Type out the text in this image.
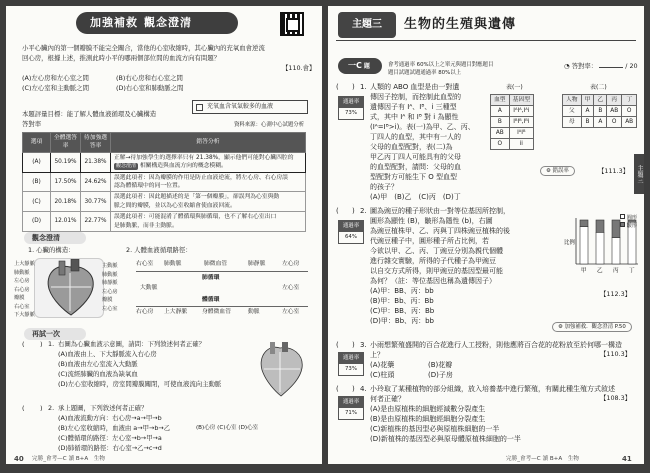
加強補救 觀念澄清
小平心臟內的第一個瓣膜不能完全關合，當他的心室收縮時，其心臟內的充氧血會逆流
回心房，根據上述，推測此時小平的哪兩個部位間的血流方向有問題？
【110.會】
(A)左心房和左心室之間	(B)右心房和右心室之間
(C)左心室和主動脈之間	(D)右心室和肺動脈之間
充氧血含氧氣較多的血液
本題評量目標：能了解人體血液循環及心臟構造
資料來源：心測中心試題分析
答對率
選項	全體選答率	待加強選答率	錯答分析
(A)	50.19%	21.38%	正解→待加強學生的選擇率只有 21.38%，顯示他們可能對心臟四腔的
觀念澄清 相關構造與血流方向的概念模糊。
(B)	17.50%	24.62%	誤選此項者：因為瓣膜的作用是防止血液逆流，將左心房、右心房誤
認為體循環中的同一位置。
(C)	20.18%	30.77%	誤選此項者：因此題描述的是「第一個瓣膜」，卻誤判為心室與動
脈之間的瓣膜，並以為心室收縮會使血液回流。
(D)	12.01%	22.77%	誤選此項者：可能混淆了體循環與肺循環，也不了解右心室出口
是肺動脈，而非主動脈。
觀念澄清
1. 心臟的構造：	2. 人體血液循環路徑：
上大靜脈
肺動脈
左心房
右心房
瓣膜
右心室
下大靜脈
主動脈
肺動脈
肺靜脈
左心房
瓣膜
左心室
右心室 肺動脈	肺微血管	肺靜脈	左心房
肺循環
大動脈	左心室
體循環
右心房 上大靜脈	身體微血管	動脈	左心室
再試一次
( ) 1. 右圖為心臟血液示意圖，請問：下列敘述何者正確？
(A)血液由上、下大靜脈流入右心房
(B)血液由左心室流入大動脈
(C)流經肺臟的血液為缺氧血
(D)左心室收縮時，房室間瓣膜關閉，可使血液流向主動脈
( ) 2. 承上題圖，下列敘述何者正確？
(A)血液流動方向：右心房→a→甲→b
(B)左心室收縮時，血液由 a→甲→b→乙
(C)體循環的路徑：左心室→b→甲→a
(D)肺循環的路徑：右心室→乙→c→d
(B)心房 (C)心室 (D)心室
40 完勝_會考—C 讀 B+A　生物
主題三	生物的生殖與遺傳
一C 題	會考通過率 60%以上之單元與題目對應題目
題目試題試題通過率 80%以上
◔ 答對率：	/ 20
主題三
( ) 1.
通過率
73%
人類的 ABO 血型是由一對遺
傳因子控制，而控制此血型的
遺傳因子有 Iᴬ、Iᴮ、i 三種型
式，其中 Iᴬ 和 Iᴮ 對 i 為顯性
(Iᴬ=Iᴮ>i)。表(一)為甲、乙、丙、
丁四人的血型，其中有一人的
父母的血型配對，表(二)為
甲乙丙丁四人可能具有的父母
的血型配對，請問：父母的血
型配對方可能生下 O 型血型
的孩子？
(A)甲　(B)乙　(C)丙　(D)丁
表(一)
血型	基因型
A	IᴬIᴬ,Iᴬi
B	IᴮIᴮ,Iᴮi
AB	IᴬIᴮ
O	ii
表(二)
人物	甲	乙	丙	丁
父	A	B	AB	O
母	B	A	O	AB
⚙ 錯誤率	【111.3】
( ) 2.
通過率
64%
圖為豌豆的種子形狀由一對等位基因所控制，
圓形為顯性 (B)，皺形為隱性 (b)，右圖
為豌豆植株甲、乙、丙與丁四株豌豆植株的後
代豌豆種子中，圓形種子所占比例，若
今欲以甲、乙、丙、丁豌豆分別為親代個體
進行雜交實驗，所得的子代種子為甲豌豆
以自交方式所得，則甲豌豆的基因型最可能
為何？（註：等位基因也稱為遺傳因子）
(A)甲：BB、丙：bb
(B)甲：Bb、丙：Bb
(C)甲：BB、丙：Bb
(D)甲：Bb、丙：bb
比例
甲 乙 丙 丁
圓形
皺形
【112.3】
⚙ 加強補救．觀念澄清 P.50
( ) 3.
通過率
73%
小雨想繁殖盛開的百合花進行人工授粉，則他應將百合花的花粉放至於何哪一構造
上？
(A)花藥	(B)花瓣
(C)柱頭	(D)子房
【110.3】
( ) 4.
通過率
71%
小玲取了某種植物的部分組織，放入培養基中進行繁殖，有關此種生殖方式敘述
何者正確？
(A)是由原植株的細胞經減數分裂產生
(B)是由原植株的細胞經細胞分裂產生
(C)新植株的基因型必與原植株細胞的一半
(D)新植株的基因型必與原母體原植株細胞的一半
【108.3】
完勝_會考—C 讀 B+A　生物	41
